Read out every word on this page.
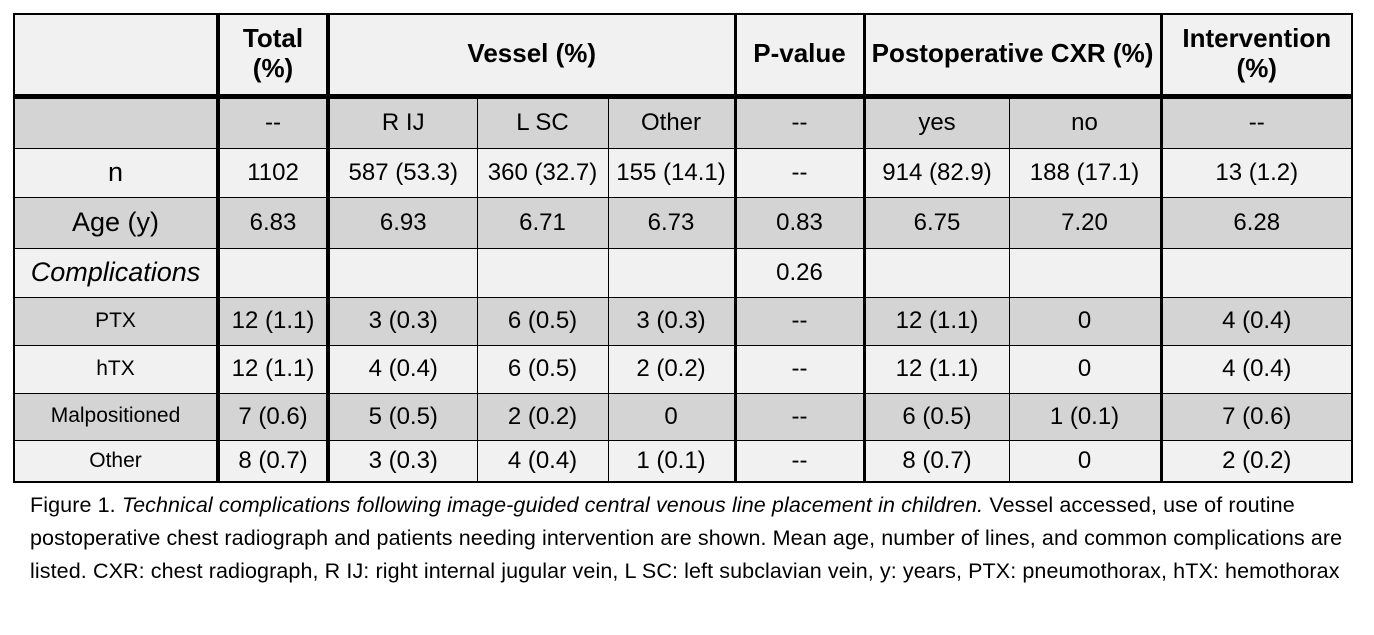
	Total (%)	Vessel (%)			P-value	Postoperative CXR (%)		Intervention (%)
	--	R IJ	L SC	Other	--	yes	no	--
n	1102	587 (53.3)	360 (32.7)	155 (14.1)	--	914 (82.9)	188 (17.1)	13 (1.2)
Age (y)	6.83	6.93	6.71	6.73	0.83	6.75	7.20	6.28
Complications					0.26			
PTX	12 (1.1)	3 (0.3)	6 (0.5)	3 (0.3)	--	12 (1.1)	0	4 (0.4)
hTX	12 (1.1)	4 (0.4)	6 (0.5)	2 (0.2)	--	12 (1.1)	0	4 (0.4)
Malpositioned	7 (0.6)	5 (0.5)	2 (0.2)	0	--	6 (0.5)	1 (0.1)	7 (0.6)
Other	8 (0.7)	3 (0.3)	4 (0.4)	1 (0.1)	--	8 (0.7)	0	2 (0.2)
Figure 1. Technical complications following image-guided central venous line placement in children. Vessel accessed, use of routine postoperative chest radiograph and patients needing intervention are shown. Mean age, number of lines, and common complications are listed. CXR: chest radiograph, R IJ: right internal jugular vein, L SC: left subclavian vein, y: years, PTX: pneumothorax, hTX: hemothorax
